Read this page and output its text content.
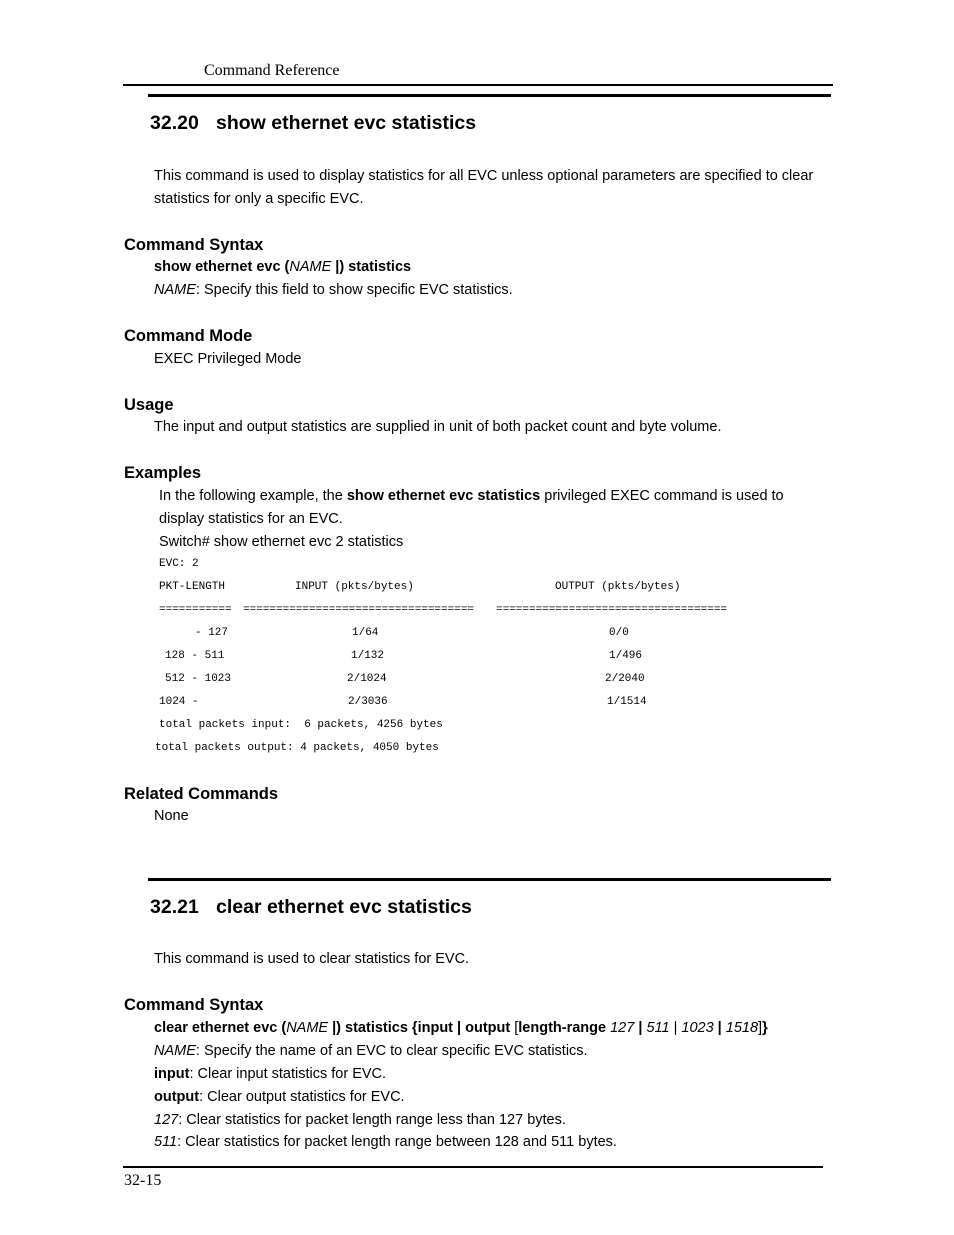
Command Reference
32.20 show ethernet evc statistics
This command is used to display statistics for all EVC unless optional parameters are specified to clear
statistics for only a specific EVC.
Command Syntax
show ethernet evc (NAME |) statistics
NAME: Specify this field to show specific EVC statistics.
Command Mode
EXEC Privileged Mode
Usage
The input and output statistics are supplied in unit of both packet count and byte volume.
Examples
In the following example, the show ethernet evc statistics privileged EXEC command is used to
display statistics for an EVC.
Switch# show ethernet evc 2 statistics
EVC: 2
PKT-LENGTH	INPUT (pkts/bytes)	OUTPUT (pkts/bytes)
=========== =================================== ===================================
- 127	1/64	0/0
128 - 511	1/132	1/496
512 - 1023	2/1024	2/2040
1024 -	2/3036	1/1514
total packets input:  6 packets, 4256 bytes
total packets output: 4 packets, 4050 bytes
Related Commands
None
32.21 clear ethernet evc statistics
This command is used to clear statistics for EVC.
Command Syntax
clear ethernet evc (NAME |) statistics {input | output [length-range 127 | 511 | 1023 | 1518]}
NAME: Specify the name of an EVC to clear specific EVC statistics.
input: Clear input statistics for EVC.
output: Clear output statistics for EVC.
127: Clear statistics for packet length range less than 127 bytes.
511: Clear statistics for packet length range between 128 and 511 bytes.
32-15
